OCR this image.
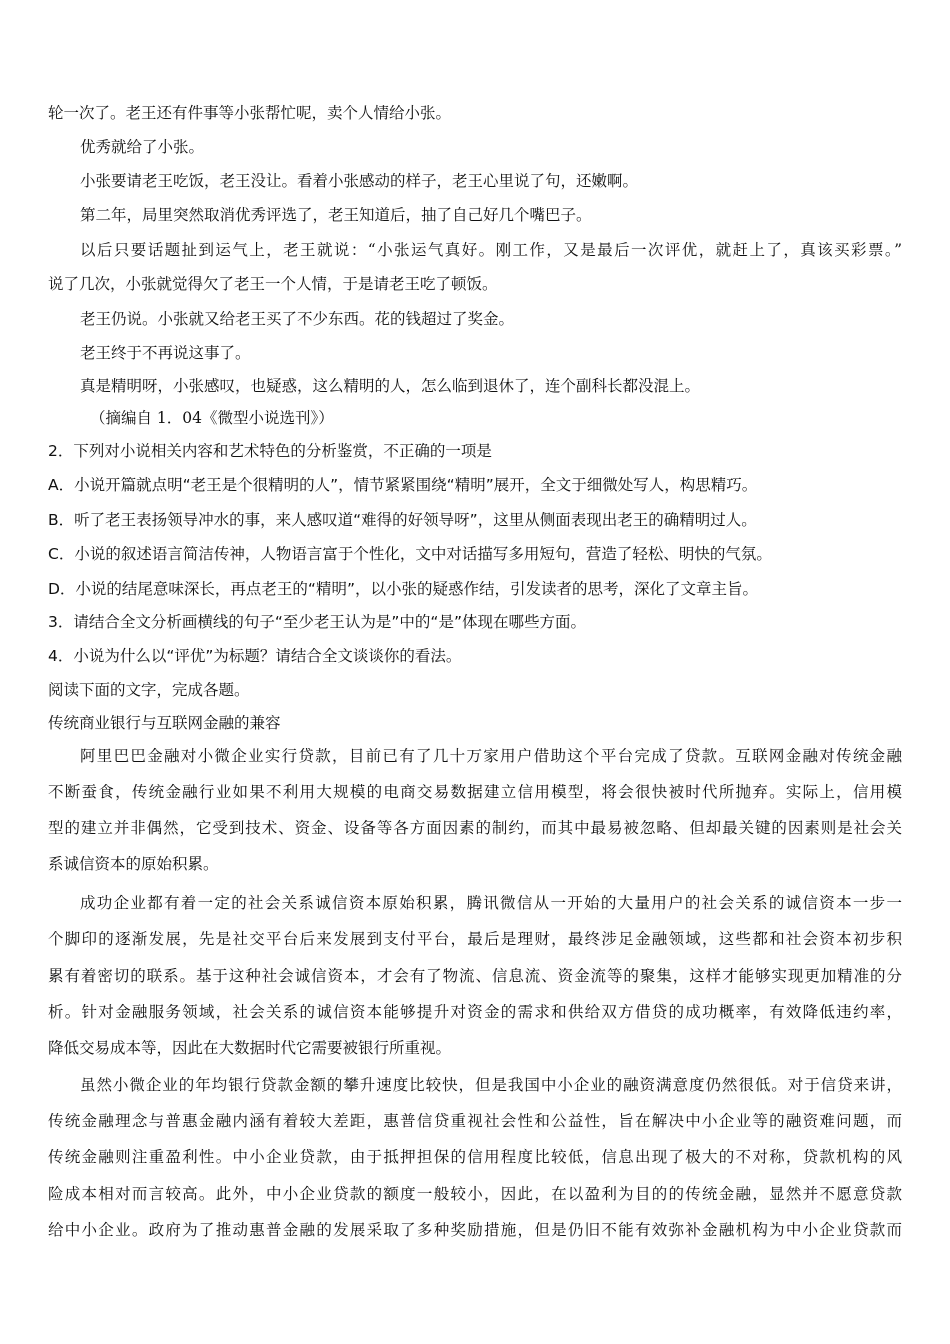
轮一次了。老王还有件事等小张帮忙呢，卖个人情给小张。
优秀就给了小张。
小张要请老王吃饭，老王没让。看着小张感动的样子，老王心里说了句，还嫩啊。
第二年，局里突然取消优秀评选了，老王知道后，抽了自己好几个嘴巴子。
以后只要话题扯到运气上，老王就说：“小张运气真好。刚工作，又是最后一次评优，就赶上了，真该买彩票。”
说了几次，小张就觉得欠了老王一个人情，于是请老王吃了顿饭。
老王仍说。小张就又给老王买了不少东西。花的钱超过了奖金。
老王终于不再说这事了。
真是精明呀，小张感叹，也疑惑，这么精明的人，怎么临到退休了，连个副科长都没混上。
（摘编自 1．04《微型小说选刊》）
2．下列对小说相关内容和艺术特色的分析鉴赏，不正确的一项是
A．小说开篇就点明“老王是个很精明的人”，情节紧紧围绕“精明”展开，全文于细微处写人，构思精巧。
B．听了老王表扬领导冲水的事，来人感叹道“难得的好领导呀”，这里从侧面表现出老王的确精明过人。
C．小说的叙述语言简洁传神，人物语言富于个性化，文中对话描写多用短句，营造了轻松、明快的气氛。
D．小说的结尾意味深长，再点老王的“精明”，以小张的疑惑作结，引发读者的思考，深化了文章主旨。
3．请结合全文分析画横线的句子“至少老王认为是”中的“是”体现在哪些方面。
4．小说为什么以“评优”为标题？请结合全文谈谈你的看法。
阅读下面的文字，完成各题。
传统商业银行与互联网金融的兼容
阿里巴巴金融对小微企业实行贷款，目前已有了几十万家用户借助这个平台完成了贷款。互联网金融对传统金融
不断蚕食，传统金融行业如果不利用大规模的电商交易数据建立信用模型，将会很快被时代所抛弃。实际上，信用模
型的建立并非偶然，它受到技术、资金、设备等各方面因素的制约，而其中最易被忽略、但却最关键的因素则是社会关
系诚信资本的原始积累。
成功企业都有着一定的社会关系诚信资本原始积累，腾讯微信从一开始的大量用户的社会关系的诚信资本一步一
个脚印的逐渐发展，先是社交平台后来发展到支付平台，最后是理财，最终涉足金融领域，这些都和社会资本初步积
累有着密切的联系。基于这种社会诚信资本，才会有了物流、信息流、资金流等的聚集，这样才能够实现更加精准的分
析。针对金融服务领域，社会关系的诚信资本能够提升对资金的需求和供给双方借贷的成功概率，有效降低违约率，
降低交易成本等，因此在大数据时代它需要被银行所重视。
虽然小微企业的年均银行贷款金额的攀升速度比较快，但是我国中小企业的融资满意度仍然很低。对于信贷来讲，
传统金融理念与普惠金融内涵有着较大差距，惠普信贷重视社会性和公益性，旨在解决中小企业等的融资难问题，而
传统金融则注重盈利性。中小企业贷款，由于抵押担保的信用程度比较低，信息出现了极大的不对称，贷款机构的风
险成本相对而言较高。此外，中小企业贷款的额度一般较小，因此，在以盈利为目的的传统金融，显然并不愿意贷款
给中小企业。政府为了推动惠普金融的发展采取了多种奖励措施，但是仍旧不能有效弥补金融机构为中小企业贷款而
